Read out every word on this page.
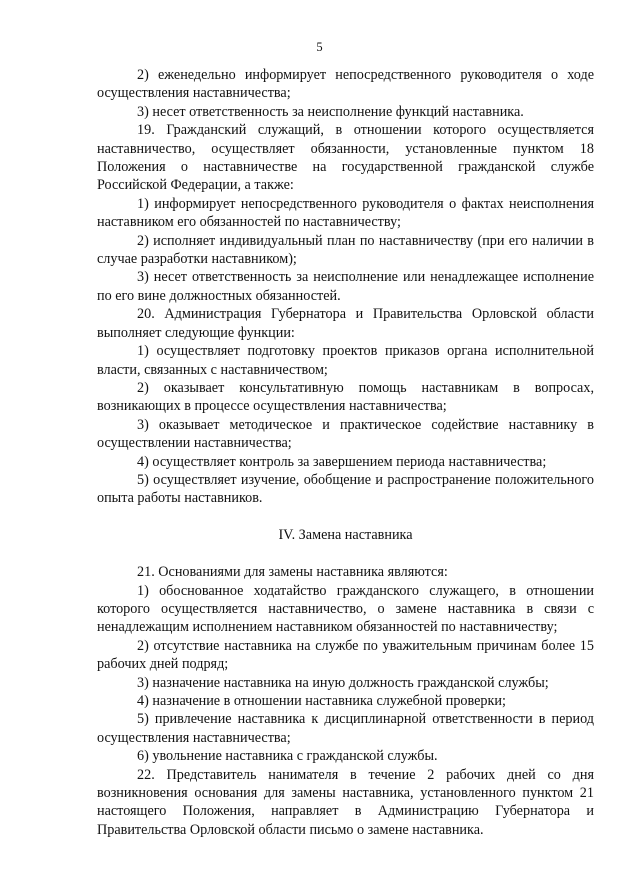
5

2) еженедельно информирует непосредственного руководителя о ходе осуществления наставничества;

3) несет ответственность за неисполнение функций наставника.

19. Гражданский служащий, в отношении которого осуществляется наставничество, осуществляет обязанности, установленные пунктом 18 Положения о наставничестве на государственной гражданской службе Российской Федерации, а также:

1) информирует непосредственного руководителя о фактах неисполнения наставником его обязанностей по наставничеству;

2) исполняет индивидуальный план по наставничеству (при его наличии в случае разработки наставником);

3) несет ответственность за неисполнение или ненадлежащее исполнение по его вине должностных обязанностей.

20. Администрация Губернатора и Правительства Орловской области выполняет следующие функции:

1) осуществляет подготовку проектов приказов органа исполнительной власти, связанных с наставничеством;

2) оказывает консультативную помощь наставникам в вопросах, возникающих в процессе осуществления наставничества;

3) оказывает методическое и практическое содействие наставнику в осуществлении наставничества;

4) осуществляет контроль за завершением периода наставничества;

5) осуществляет изучение, обобщение и распространение положительного опыта работы наставников.

IV. Замена наставника

21. Основаниями для замены наставника являются:

1) обоснованное ходатайство гражданского служащего, в отношении которого осуществляется наставничество, о замене наставника в связи с ненадлежащим исполнением наставником обязанностей по наставничеству;

2) отсутствие наставника на службе по уважительным причинам более 15 рабочих дней подряд;

3) назначение наставника на иную должность гражданской службы;

4) назначение в отношении наставника служебной проверки;

5) привлечение наставника к дисциплинарной ответственности в период осуществления наставничества;

6) увольнение наставника с гражданской службы.

22. Представитель нанимателя в течение 2 рабочих дней со дня возникновения основания для замены наставника, установленного пунктом 21 настоящего Положения, направляет в Администрацию Губернатора и Правительства Орловской области письмо о замене наставника.
